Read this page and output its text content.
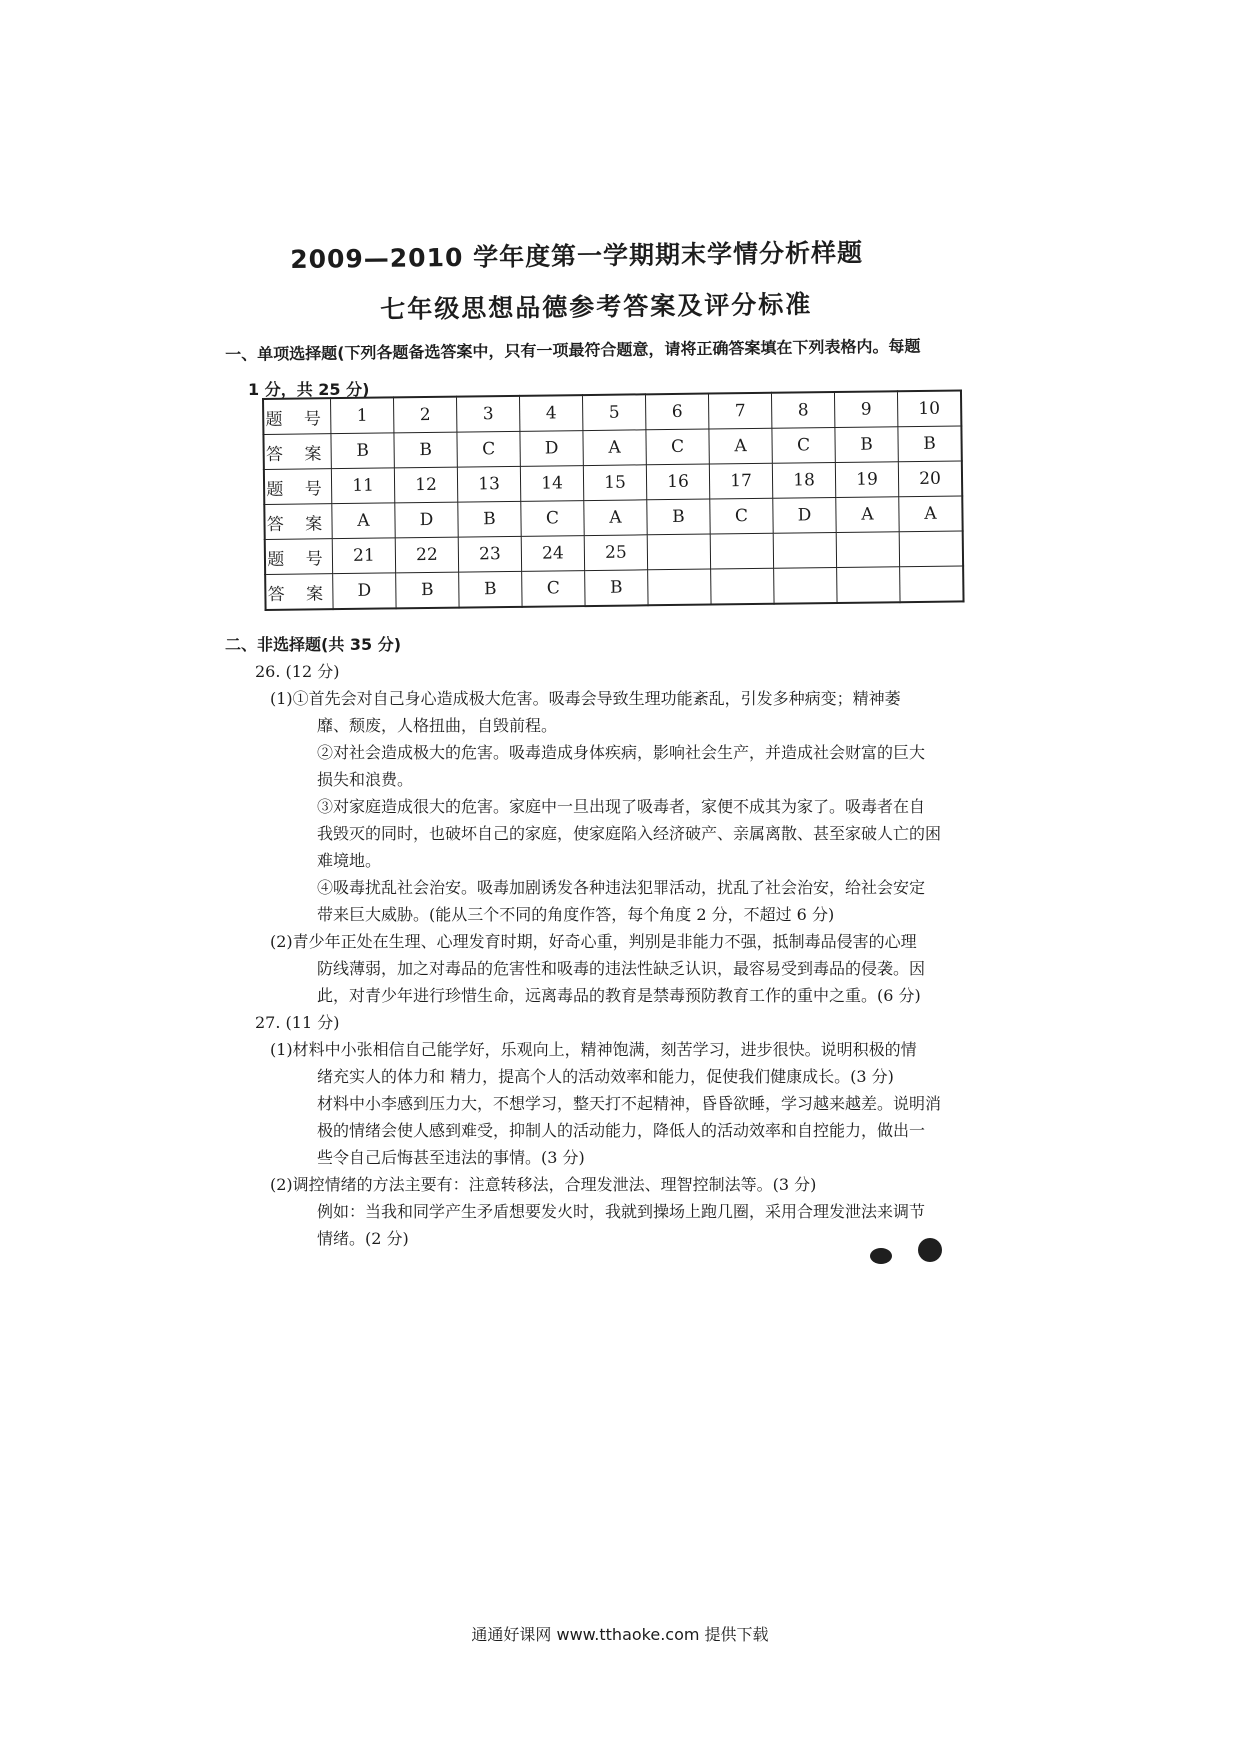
2009—2010 学年度第一学期期末学情分析样题
七年级思想品德参考答案及评分标准
一、单项选择题(下列各题备选答案中，只有一项最符合题意，请将正确答案填在下列表格内。每题
1 分，共 25 分)
题 号	1	2	3	4	5	6	7	8	9	10
答 案	B	B	C	D	A	C	A	C	B	B
题 号	11	12	13	14	15	16	17	18	19	20
答 案	A	D	B	C	A	B	C	D	A	A
题 号	21	22	23	24	25					
答 案	D	B	B	C	B					
二、非选择题(共 35 分)
26. (12 分)
(1)①首先会对自己身心造成极大危害。吸毒会导致生理功能紊乱，引发多种病变；精神萎
靡、颓废，人格扭曲，自毁前程。
②对社会造成极大的危害。吸毒造成身体疾病，影响社会生产，并造成社会财富的巨大
损失和浪费。
③对家庭造成很大的危害。家庭中一旦出现了吸毒者，家便不成其为家了。吸毒者在自
我毁灭的同时，也破坏自己的家庭，使家庭陷入经济破产、亲属离散、甚至家破人亡的困
难境地。
④吸毒扰乱社会治安。吸毒加剧诱发各种违法犯罪活动，扰乱了社会治安，给社会安定
带来巨大威胁。(能从三个不同的角度作答，每个角度 2 分，不超过 6 分)
(2)青少年正处在生理、心理发育时期，好奇心重，判别是非能力不强，抵制毒品侵害的心理
防线薄弱，加之对毒品的危害性和吸毒的违法性缺乏认识，最容易受到毒品的侵袭。因
此，对青少年进行珍惜生命，远离毒品的教育是禁毒预防教育工作的重中之重。(6 分)
27. (11 分)
(1)材料中小张相信自己能学好，乐观向上，精神饱满，刻苦学习，进步很快。说明积极的情
绪充实人的体力和 精力，提高个人的活动效率和能力，促使我们健康成长。(3 分)
材料中小李感到压力大，不想学习，整天打不起精神，昏昏欲睡，学习越来越差。说明消
极的情绪会使人感到难受，抑制人的活动能力，降低人的活动效率和自控能力，做出一
些令自己后悔甚至违法的事情。(3 分)
(2)调控情绪的方法主要有：注意转移法，合理发泄法、理智控制法等。(3 分)
例如：当我和同学产生矛盾想要发火时，我就到操场上跑几圈，采用合理发泄法来调节
情绪。(2 分)
通通好课网 www.tthaoke.com 提供下载
